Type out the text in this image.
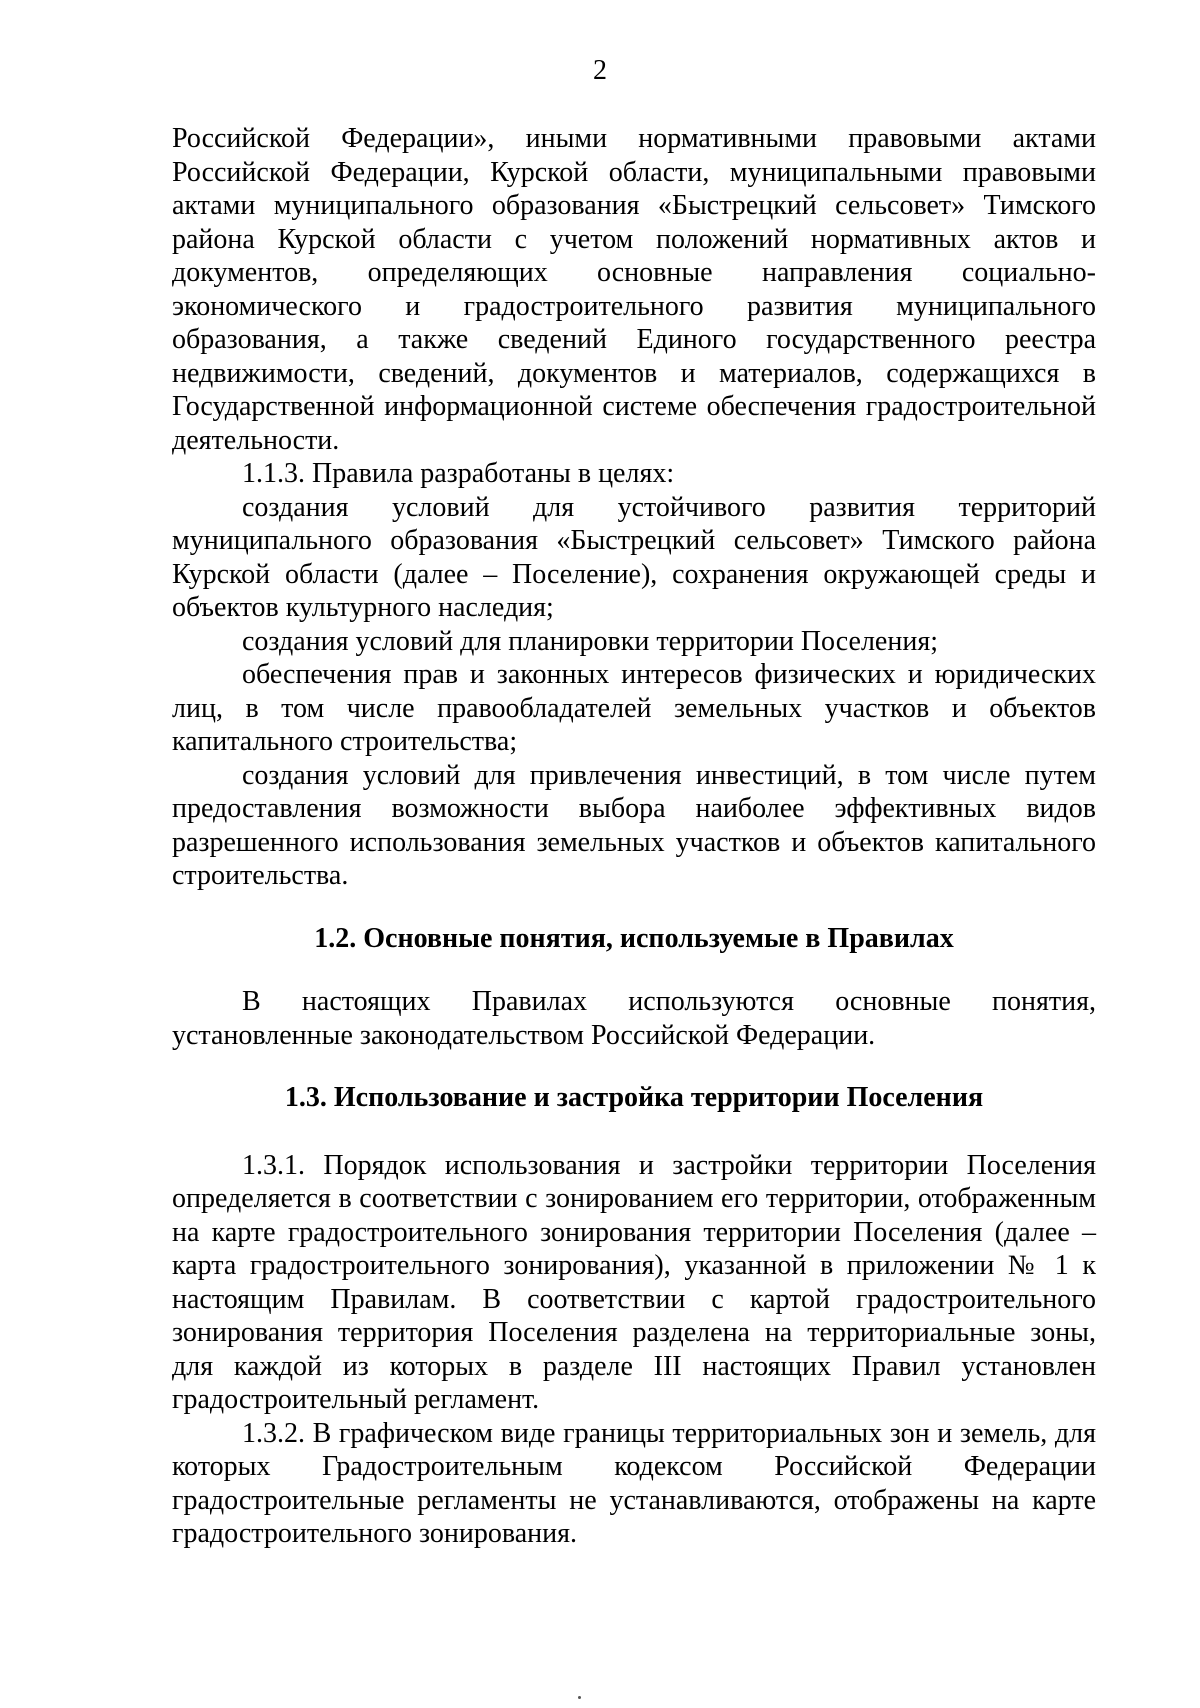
2

Российской Федерации», иными нормативными правовыми актами Российской Федерации, Курской области, муниципальными правовыми актами муниципального образования «Быстрецкий сельсовет» Тимского района Курской области с учетом положений нормативных актов и документов, определяющих основные направления социально-экономического и градостроительного развития муниципального образования, а также сведений Единого государственного реестра недвижимости, сведений, документов и материалов, содержащихся в Государственной информационной системе обеспечения градостроительной деятельности.

1.1.3. Правила разработаны в целях:

создания условий для устойчивого развития территорий муниципального образования «Быстрецкий сельсовет» Тимского района Курской области (далее – Поселение), сохранения окружающей среды и объектов культурного наследия;

создания условий для планировки территории Поселения;

обеспечения прав и законных интересов физических и юридических лиц, в том числе правообладателей земельных участков и объектов капитального строительства;

создания условий для привлечения инвестиций, в том числе путем предоставления возможности выбора наиболее эффективных видов разрешенного использования земельных участков и объектов капитального строительства.

1.2. Основные понятия, используемые в Правилах

В настоящих Правилах используются основные понятия, установленные законодательством Российской Федерации.

1.3. Использование и застройка территории Поселения

1.3.1. Порядок использования и застройки территории Поселения определяется в соответствии с зонированием его территории, отображенным на карте градостроительного зонирования территории Поселения (далее – карта градостроительного зонирования), указанной в приложении № 1 к настоящим Правилам. В соответствии с картой градостроительного зонирования территория Поселения разделена на территориальные зоны, для каждой из которых в разделе III настоящих Правил установлен градостроительный регламент.

1.3.2. В графическом виде границы территориальных зон и земель, для которых Градостроительным кодексом Российской Федерации градостроительные регламенты не устанавливаются, отображены на карте градостроительного зонирования.
